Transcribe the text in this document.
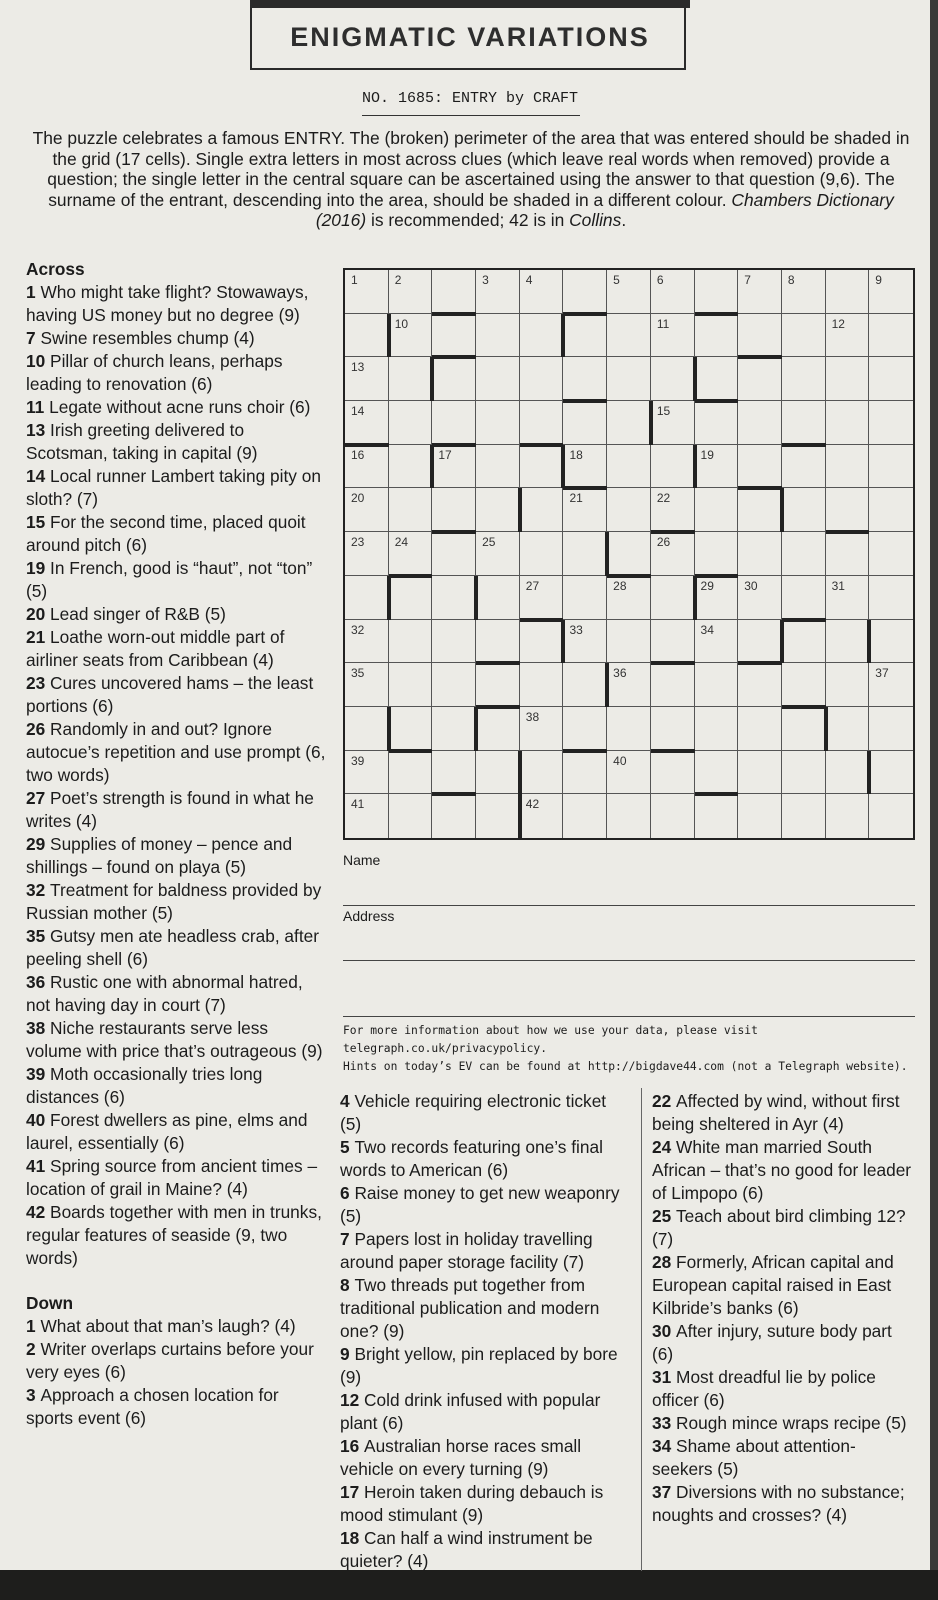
ENIGMATIC VARIATIONS
NO. 1685: ENTRY by CRAFT
The puzzle celebrates a famous ENTRY. The (broken) perimeter of the area that was entered should be shaded in the grid (17 cells). Single extra letters in most across clues (which leave real words when removed) provide a question; the single letter in the central square can be ascertained using the answer to that question (9,6). The surname of the entrant, descending into the area, should be shaded in a different colour. Chambers Dictionary (2016) is recommended; 42 is in Collins.
Across
1 Who might take flight? Stowaways, having US money but no degree (9)
7 Swine resembles chump (4)
10 Pillar of church leans, perhaps leading to renovation (6)
11 Legate without acne runs choir (6)
13 Irish greeting delivered to Scotsman, taking in capital (9)
14 Local runner Lambert taking pity on sloth? (7)
15 For the second time, placed quoit around pitch (6)
19 In French, good is “haut”, not “ton” (5)
20 Lead singer of R&B (5)
21 Loathe worn-out middle part of airliner seats from Caribbean (4)
23 Cures uncovered hams – the least portions (6)
26 Randomly in and out? Ignore autocue’s repetition and use prompt (6, two words)
27 Poet’s strength is found in what he writes (4)
29 Supplies of money – pence and shillings – found on playa (5)
32 Treatment for baldness provided by Russian mother (5)
35 Gutsy men ate headless crab, after peeling shell (6)
36 Rustic one with abnormal hatred, not having day in court (7)
38 Niche restaurants serve less volume with price that’s outrageous (9)
39 Moth occasionally tries long distances (6)
40 Forest dwellers as pine, elms and laurel, essentially (6)
41 Spring source from ancient times – location of grail in Maine? (4)
42 Boards together with men in trunks, regular features of seaside (9, two words)
Down
1 What about that man’s laugh? (4)
2 Writer overlaps curtains before your very eyes (6)
3 Approach a chosen location for sports event (6)
1	2	3	4	5	6	7	8	9
10	11	12
13
14	15
16	17	18	19
20	21	22
23	24	25	26
27	28	29	30	31
32	33	34
35	36	37
38
39	40
41	42
Name
Address
For more information about how we use your data, please visit telegraph.co.uk/privacypolicy.
Hints on today’s EV can be found at http://bigdave44.com (not a Telegraph website).
4 Vehicle requiring electronic ticket (5)
5 Two records featuring one’s final words to American (6)
6 Raise money to get new weaponry (5)
7 Papers lost in holiday travelling around paper storage facility (7)
8 Two threads put together from traditional publication and modern one? (9)
9 Bright yellow, pin replaced by bore (9)
12 Cold drink infused with popular plant (6)
16 Australian horse races small vehicle on every turning (9)
17 Heroin taken during debauch is mood stimulant (9)
18 Can half a wind instrument be quieter? (4)
22 Affected by wind, without first being sheltered in Ayr (4)
24 White man married South African – that’s no good for leader of Limpopo (6)
25 Teach about bird climbing 12? (7)
28 Formerly, African capital and European capital raised in East Kilbride’s banks (6)
30 After injury, suture body part (6)
31 Most dreadful lie by police officer (6)
33 Rough mince wraps recipe (5)
34 Shame about attention-seekers (5)
37 Diversions with no substance; noughts and crosses? (4)
